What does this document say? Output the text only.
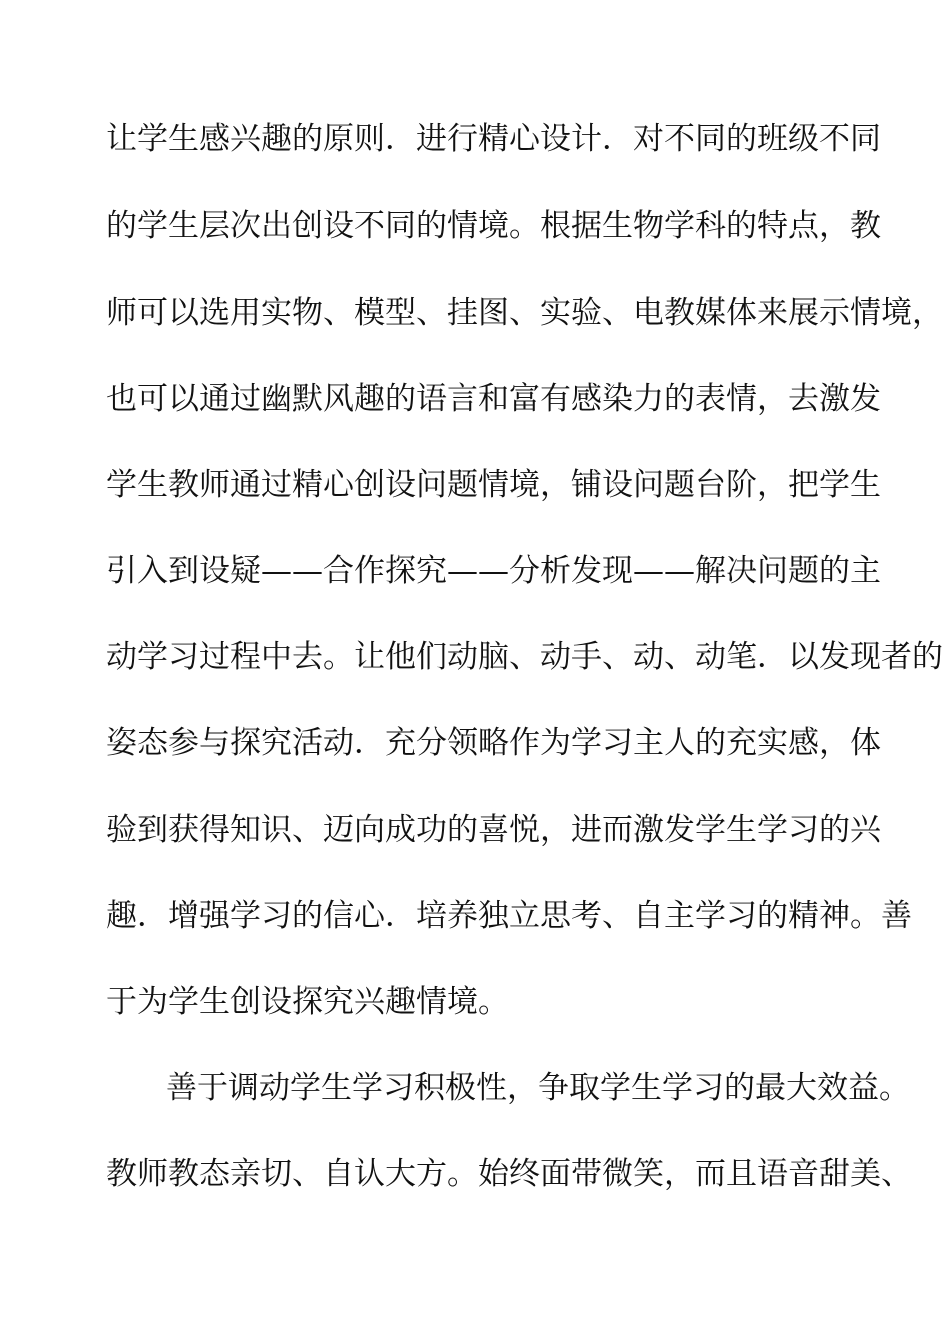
让学生感兴趣的原则．进行精心设计．对不同的班级不同
的学生层次出创设不同的情境。根据生物学科的特点，教
师可以选用实物、模型、挂图、实验、电教媒体来展示情境，
也可以通过幽默风趣的语言和富有感染力的表情，去激发
学生教师通过精心创设问题情境，铺设问题台阶，把学生
引入到设疑——合作探究——分析发现——解决问题的主
动学习过程中去。让他们动脑、动手、动、动笔．以发现者的
姿态参与探究活动．充分领略作为学习主人的充实感，体
验到获得知识、迈向成功的喜悦，进而激发学生学习的兴
趣．增强学习的信心．培养独立思考、自主学习的精神。善
于为学生创设探究兴趣情境。
善于调动学生学习积极性，争取学生学习的最大效益。
教师教态亲切、自认大方。始终面带微笑，而且语音甜美、
